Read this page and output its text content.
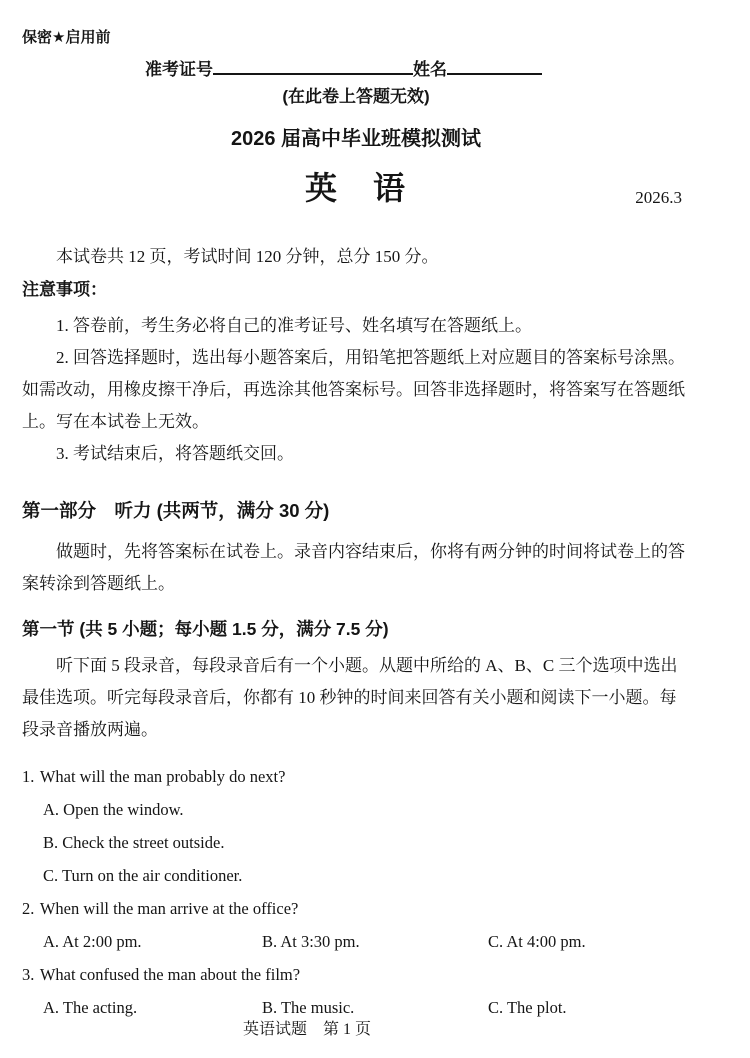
保密★启用前
准考证号	姓名
(在此卷上答题无效)
2026 届高中毕业班模拟测试
英　语	2026.3

本试卷共 12 页，考试时间 120 分钟，总分 150 分。

注意事项：

1. 答卷前，考生务必将自己的准考证号、姓名填写在答题纸上。

2. 回答选择题时，选出每小题答案后，用铅笔把答题纸上对应题目的答案标号涂黑。如需改动，用橡皮擦干净后，再选涂其他答案标号。回答非选择题时，将答案写在答题纸上。写在本试卷上无效。

3. 考试结束后，将答题纸交回。

第一部分　听力 (共两节，满分 30 分)

做题时，先将答案标在试卷上。录音内容结束后，你将有两分钟的时间将试卷上的答案转涂到答题纸上。

第一节 (共 5 小题；每小题 1.5 分，满分 7.5 分)

听下面 5 段录音，每段录音后有一个小题。从题中所给的 A、B、C 三个选项中选出最佳选项。听完每段录音后，你都有 10 秒钟的时间来回答有关小题和阅读下一小题。每段录音播放两遍。

1. What will the man probably do next?
A. Open the window.
B. Check the street outside.
C. Turn on the air conditioner.
2. When will the man arrive at the office?
A. At 2:00 pm.	B. At 3:30 pm.	C. At 4:00 pm.
3. What confused the man about the film?
A. The acting.	B. The music.	C. The plot.
英语试题　第 1 页
